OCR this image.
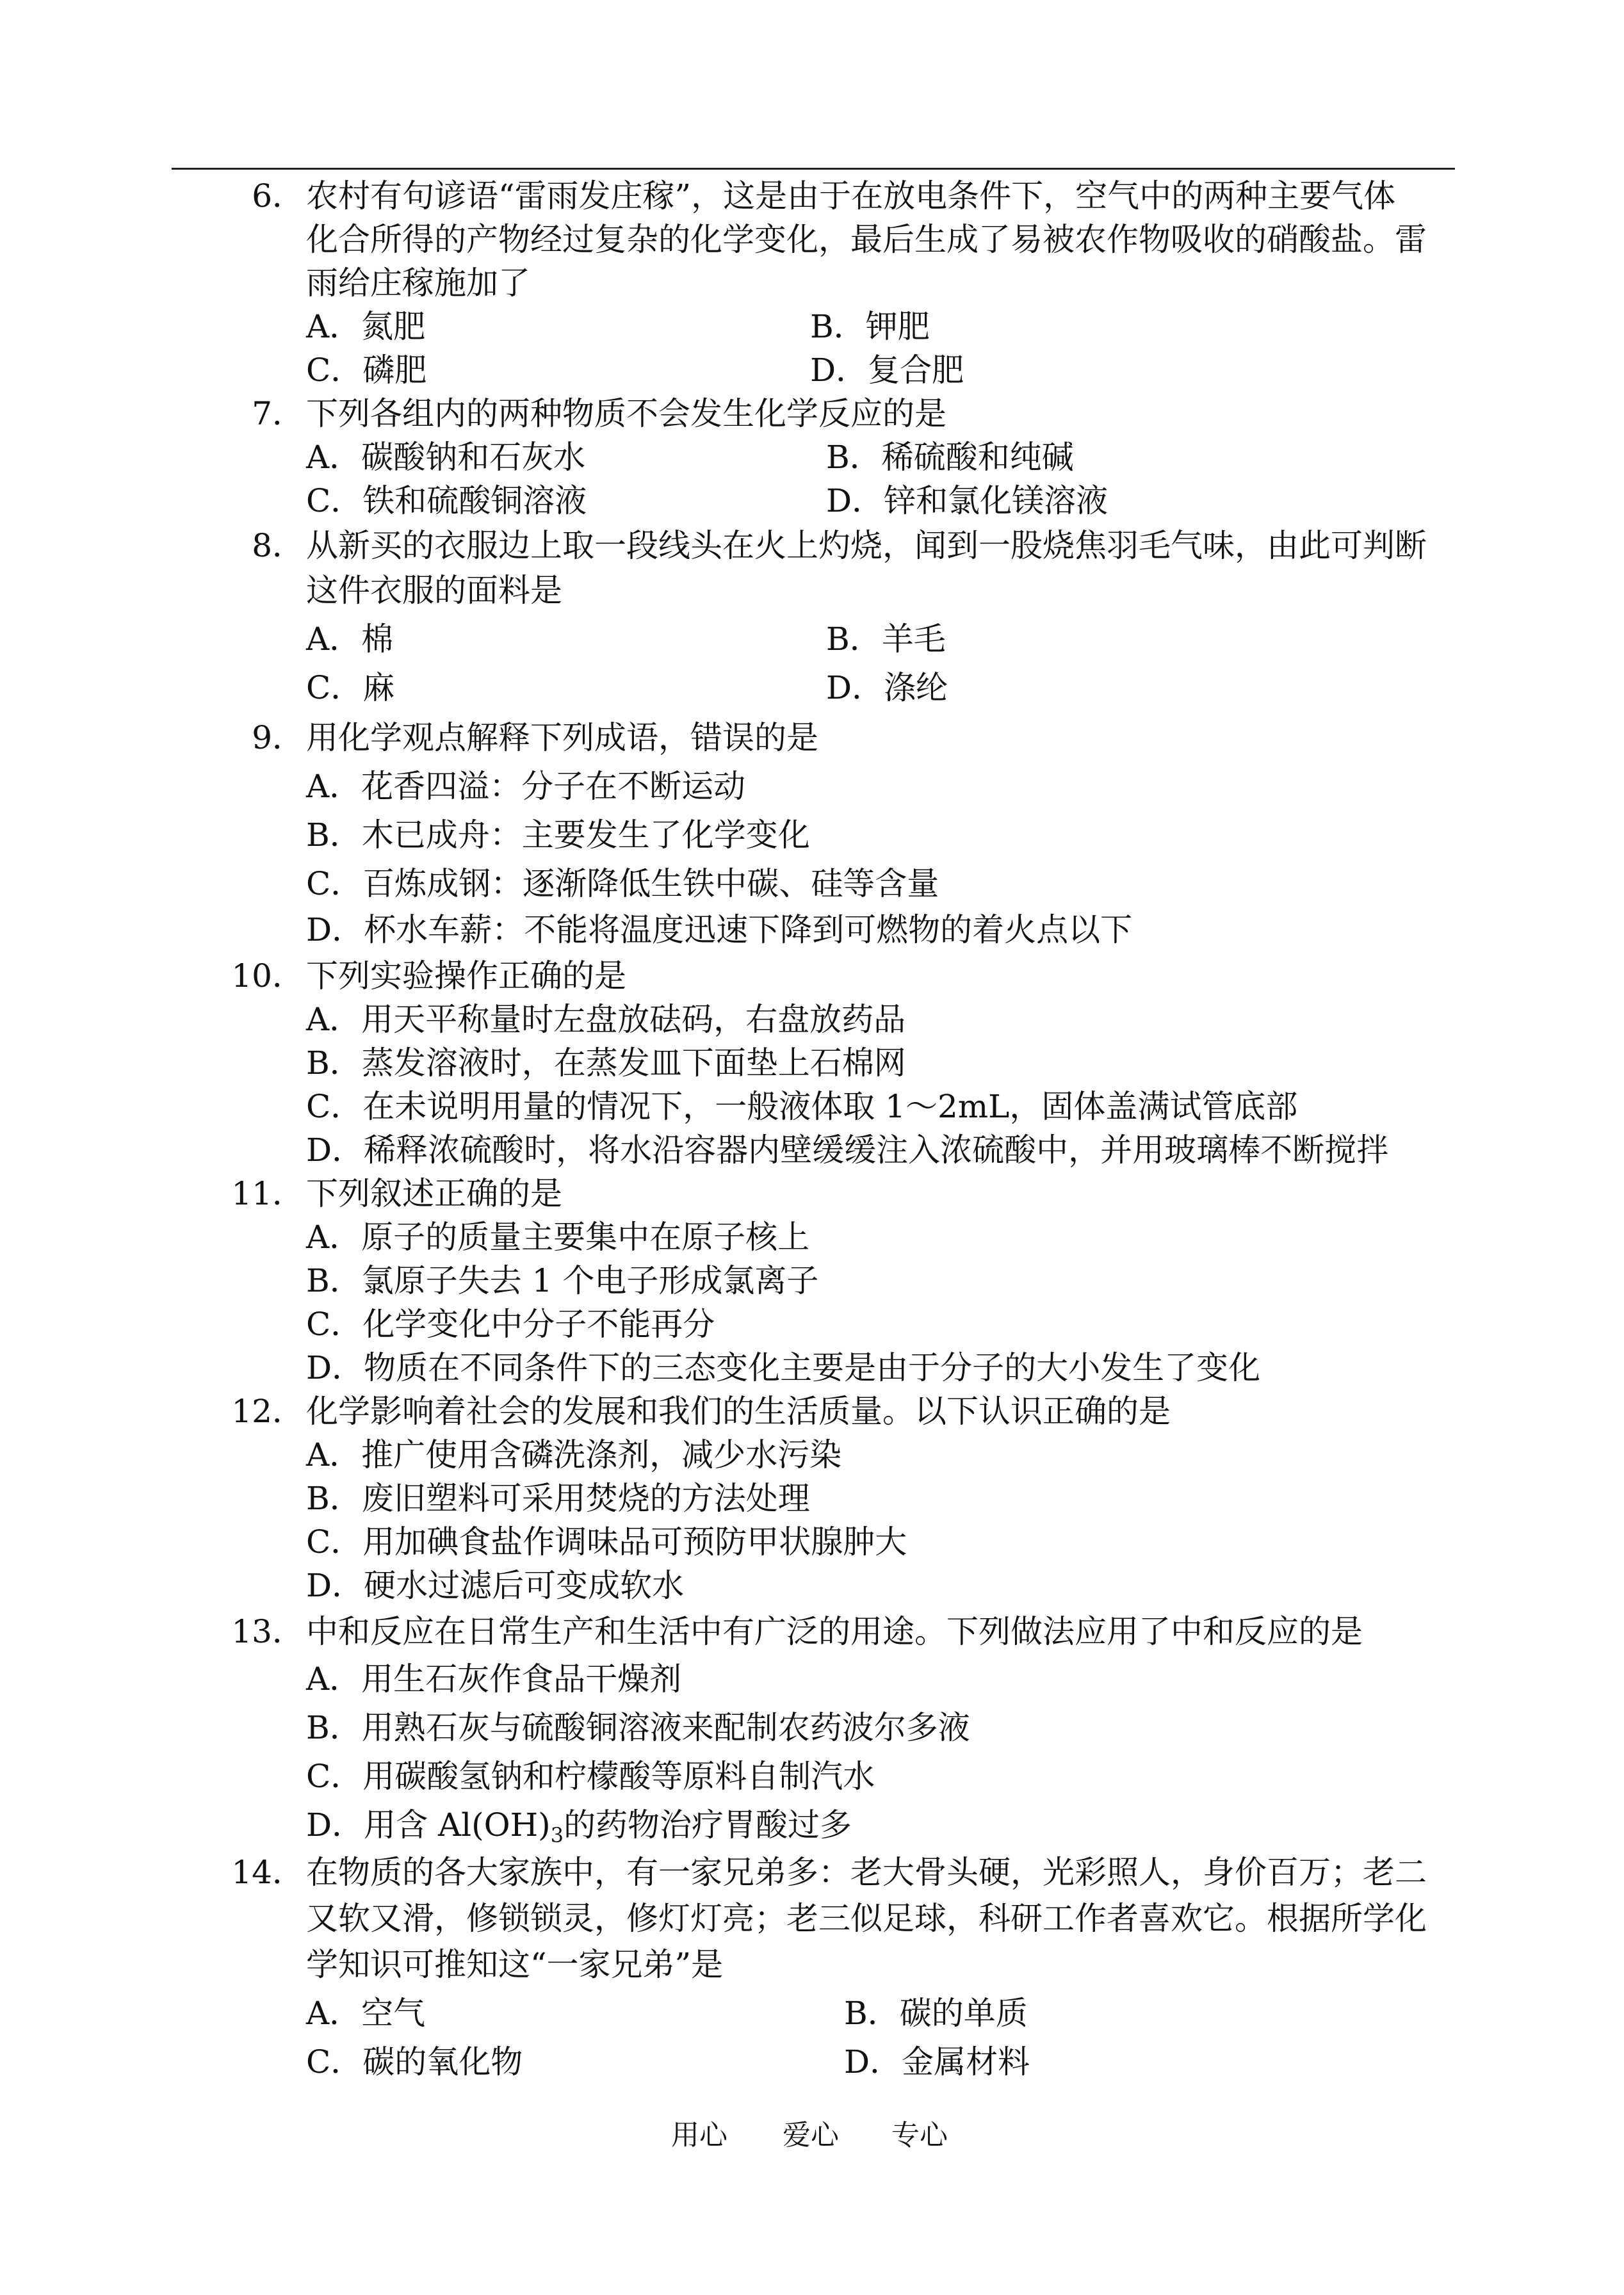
6． 农村有句谚语“雷雨发庄稼”，这是由于在放电条件下，空气中的两种主要气体
化合所得的产物经过复杂的化学变化，最后生成了易被农作物吸收的硝酸盐。雷
雨给庄稼施加了
A．氮肥	B．钾肥
C．磷肥	D．复合肥
7． 下列各组内的两种物质不会发生化学反应的是
A．碳酸钠和石灰水	B．稀硫酸和纯碱
C．铁和硫酸铜溶液	D．锌和氯化镁溶液
8． 从新买的衣服边上取一段线头在火上灼烧，闻到一股烧焦羽毛气味，由此可判断
这件衣服的面料是
A．棉	B．羊毛
C．麻	D．涤纶
9． 用化学观点解释下列成语，错误的是
A．花香四溢：分子在不断运动
B．木已成舟：主要发生了化学变化
C．百炼成钢：逐渐降低生铁中碳、硅等含量
D．杯水车薪：不能将温度迅速下降到可燃物的着火点以下
10． 下列实验操作正确的是
A．用天平称量时左盘放砝码，右盘放药品
B．蒸发溶液时，在蒸发皿下面垫上石棉网
C．在未说明用量的情况下，一般液体取 1～2mL，固体盖满试管底部
D．稀释浓硫酸时，将水沿容器内壁缓缓注入浓硫酸中，并用玻璃棒不断搅拌
11． 下列叙述正确的是
A．原子的质量主要集中在原子核上
B．氯原子失去 1 个电子形成氯离子
C．化学变化中分子不能再分
D．物质在不同条件下的三态变化主要是由于分子的大小发生了变化
12． 化学影响着社会的发展和我们的生活质量。以下认识正确的是
A．推广使用含磷洗涤剂，减少水污染
B．废旧塑料可采用焚烧的方法处理
C．用加碘食盐作调味品可预防甲状腺肿大
D．硬水过滤后可变成软水
13． 中和反应在日常生产和生活中有广泛的用途。下列做法应用了中和反应的是
A．用生石灰作食品干燥剂
B．用熟石灰与硫酸铜溶液来配制农药波尔多液
C．用碳酸氢钠和柠檬酸等原料自制汽水
D．用含 $Al(OH)_3$的药物治疗胃酸过多
14． 在物质的各大家族中，有一家兄弟多：老大骨头硬，光彩照人，身价百万；老二
又软又滑，修锁锁灵，修灯灯亮；老三似足球，科研工作者喜欢它。根据所学化
学知识可推知这“一家兄弟”是
A．空气	B．碳的单质
C．碳的氧化物	D．金属材料
用心 爱心 专心
